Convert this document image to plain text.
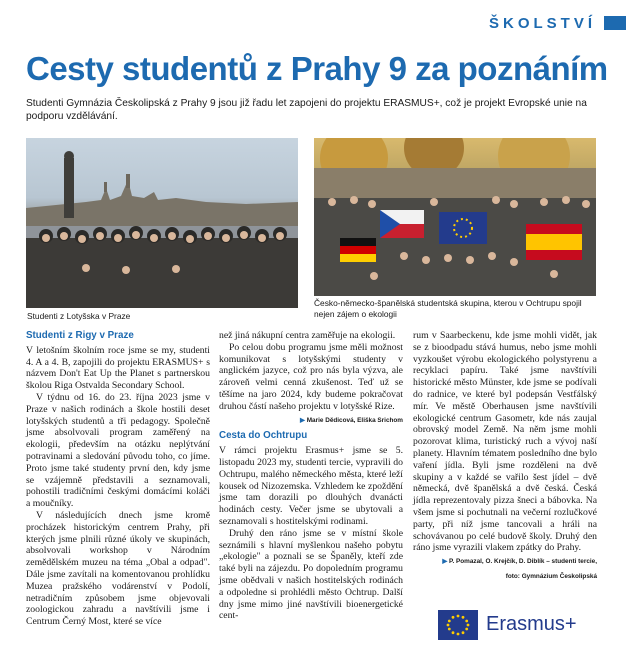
ŠKOLSTVÍ
Cesty studentů z Prahy 9 za poznáním

Studenti Gymnázia Českolipská z Prahy 9 jsou již řadu let zapojeni do projektu ERASMUS+, což je projekt Evropské unie na podporu vzdělávání.

Studenti z Lotyšska v Praze
Česko-německo-španělská studentská skupina, kterou v Ochtrupu spojil nejen zájem o ekologii
Studenti z Rigy v Praze

V letošním školním roce jsme se my, studenti 4. A a 4. B, zapojili do projektu ERASMUS+ s názvem Don't Eat Up the Planet s partnerskou školou Riga Ostvalda Secondary School.

V týdnu od 16. do 23. října 2023 jsme v Praze v našich rodinách a škole hostili deset lotyšských studentů a tři pedagogy. Společně jsme absolvovali program zaměřený na ekologii, především na otázku neplýtvání potravinami a sledování původu toho, co jíme. Proto jsme také studenty první den, kdy jsme se vzájemně představili a seznamovali, pohostili tradičními českými domácími koláči a moučníky.

V následujících dnech jsme kromě procházek historickým centrem Prahy, při kterých jsme plnili různé úkoly ve skupinách, absolvovali workshop v Národním zemědělském muzeu na téma „Obal a odpad". Dále jsme zavítali na komentovanou prohlídku Muzea pražského vodárenství v Podolí, netradičním způsobem jsme objevovali zoologickou zahradu a navštívili jsme i Centrum Černý Most, které se více

než jiná nákupní centra zaměřuje na ekologii.

Po celou dobu programu jsme měli možnost komunikovat s lotyšskými studenty v anglickém jazyce, což pro nás byla výzva, ale zároveň velmi cenná zkušenost. Teď už se těšíme na jaro 2024, kdy budeme pokračovat druhou částí našeho projektu v lotyšské Rize.

▶ Marie Dědicová, Eliška Srichom
Cesta do Ochtrupu

V rámci projektu Erasmus+ jsme se 5. listopadu 2023 my, studenti tercie, vypravili do Ochtrupu, malého německého města, které leží kousek od Nizozemska. Vzhledem ke zpoždění jsme tam dorazili po dlouhých dvanácti hodinách cesty. Večer jsme se ubytovali a seznamovali s hostitelskými rodinami.

Druhý den ráno jsme se v místní škole seznámili s hlavní myšlenkou našeho pobytu „ekologie" a poznali se se Španěly, kteří zde také byli na zájezdu. Po dopoledním programu jsme obědvali v našich hostitelských rodinách a odpoledne si prohlédli město Ochtrup. Další dny jsme mimo jiné navštívili bioenergetické cent-

rum v Saarbeckenu, kde jsme mohli vidět, jak se z bioodpadu stává humus, nebo jsme mohli vyzkoušet výrobu ekologického polystyrenu a recyklaci papíru. Také jsme navštívili historické město Münster, kde jsme se podívali do radnice, ve které byl podepsán Vestfálský mír. Ve městě Oberhausen jsme navštívili ekologické centrum Gasometr, kde nás zaujal obrovský model Země. Na něm jsme mohli pozorovat klima, turistický ruch a vývoj naší planety. Hlavním tématem posledního dne bylo vaření jídla. Byli jsme rozděleni na dvě skupiny a v každé se vařilo šest jídel – dvě německá, dvě španělská a dvě česká. Česká jídla reprezentovaly pizza šneci a bábovka. Na všem jsme si pochutnali na večerní rozlučkové party, při níž jsme tancovali a hráli na schovávanou po celé budově školy. Druhý den ráno jsme vyrazili vlakem zpátky do Prahy.

▶ P. Pomazal, O. Krejčík, D. Diblík – studenti tercie,
foto: Gymnázium Českolipská
Erasmus+
